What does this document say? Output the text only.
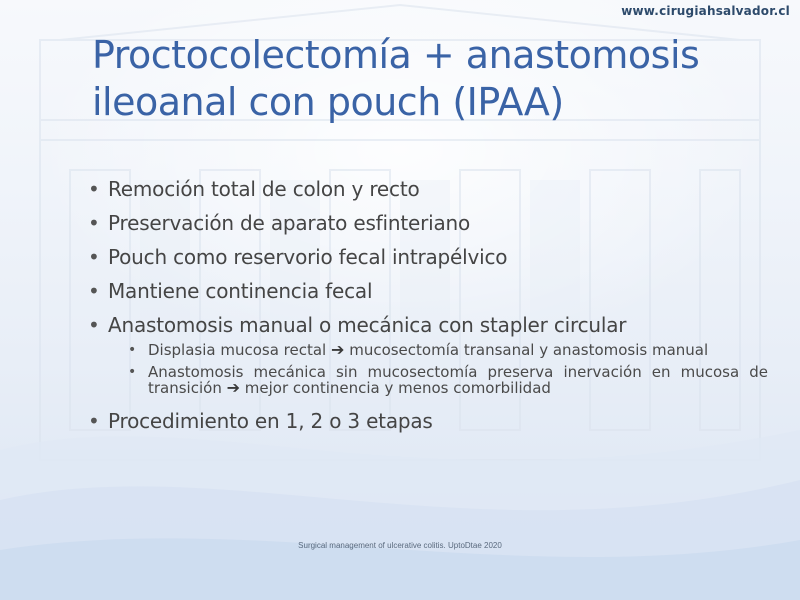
www.cirugiahsalvador.cl
Proctocolectomía + anastomosis ileoanal con pouch (IPAA)
• Remoción total de colon y recto
• Preservación de aparato esfinteriano
• Pouch como reservorio fecal intrapélvico
• Mantiene continencia fecal
• Anastomosis manual o mecánica con stapler circular
• Displasia mucosa rectal ➔ mucosectomía transanal y anastomosis manual
• Anastomosis mecánica sin mucosectomía preserva inervación en mucosa de transición ➔ mejor continencia y menos comorbilidad
• Procedimiento en 1, 2 o 3 etapas
Surgical management of ulcerative colitis. UptoDtae 2020
